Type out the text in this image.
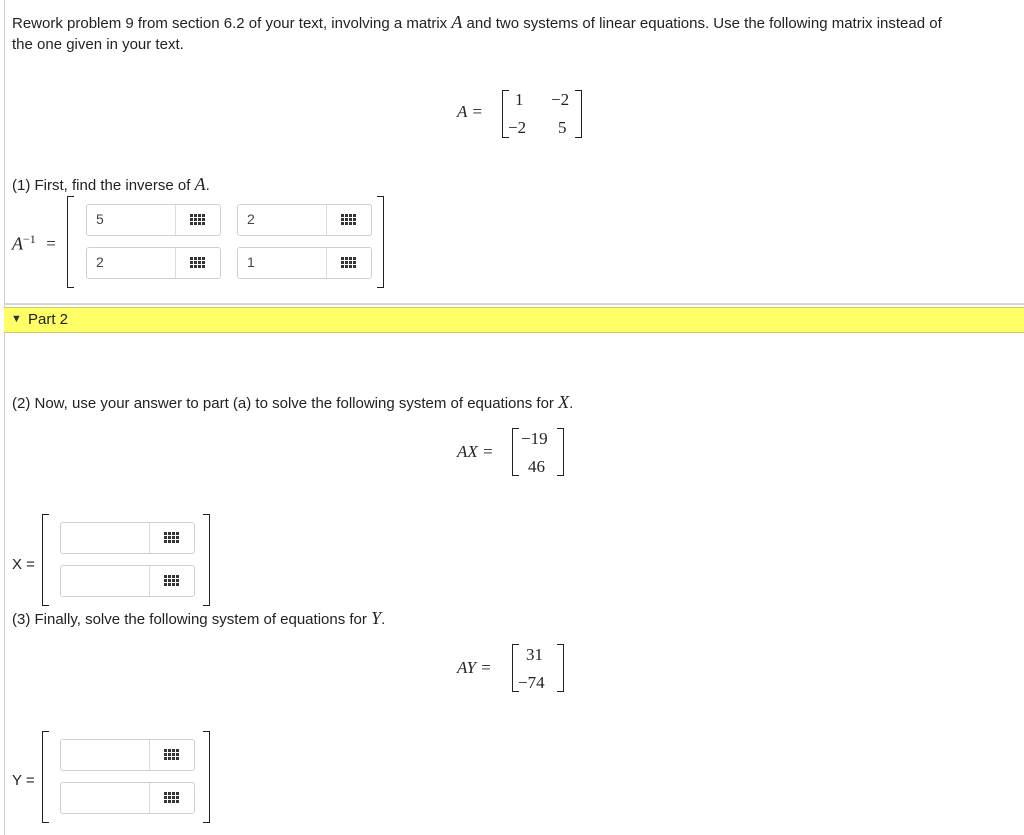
Rework problem 9 from section 6.2 of your text, involving a matrix A and two systems of linear equations. Use the following matrix instead of
the one given in your text.
A =
1 −2
−2 5
(1) First, find the inverse of A.
$A^{-1}$ =
5	2
2	1
▼ Part 2
(2) Now, use your answer to part (a) to solve the following system of equations for X.
AX =
−19
46
X =
(3) Finally, solve the following system of equations for Y.
AY =
31
−74
Y =
